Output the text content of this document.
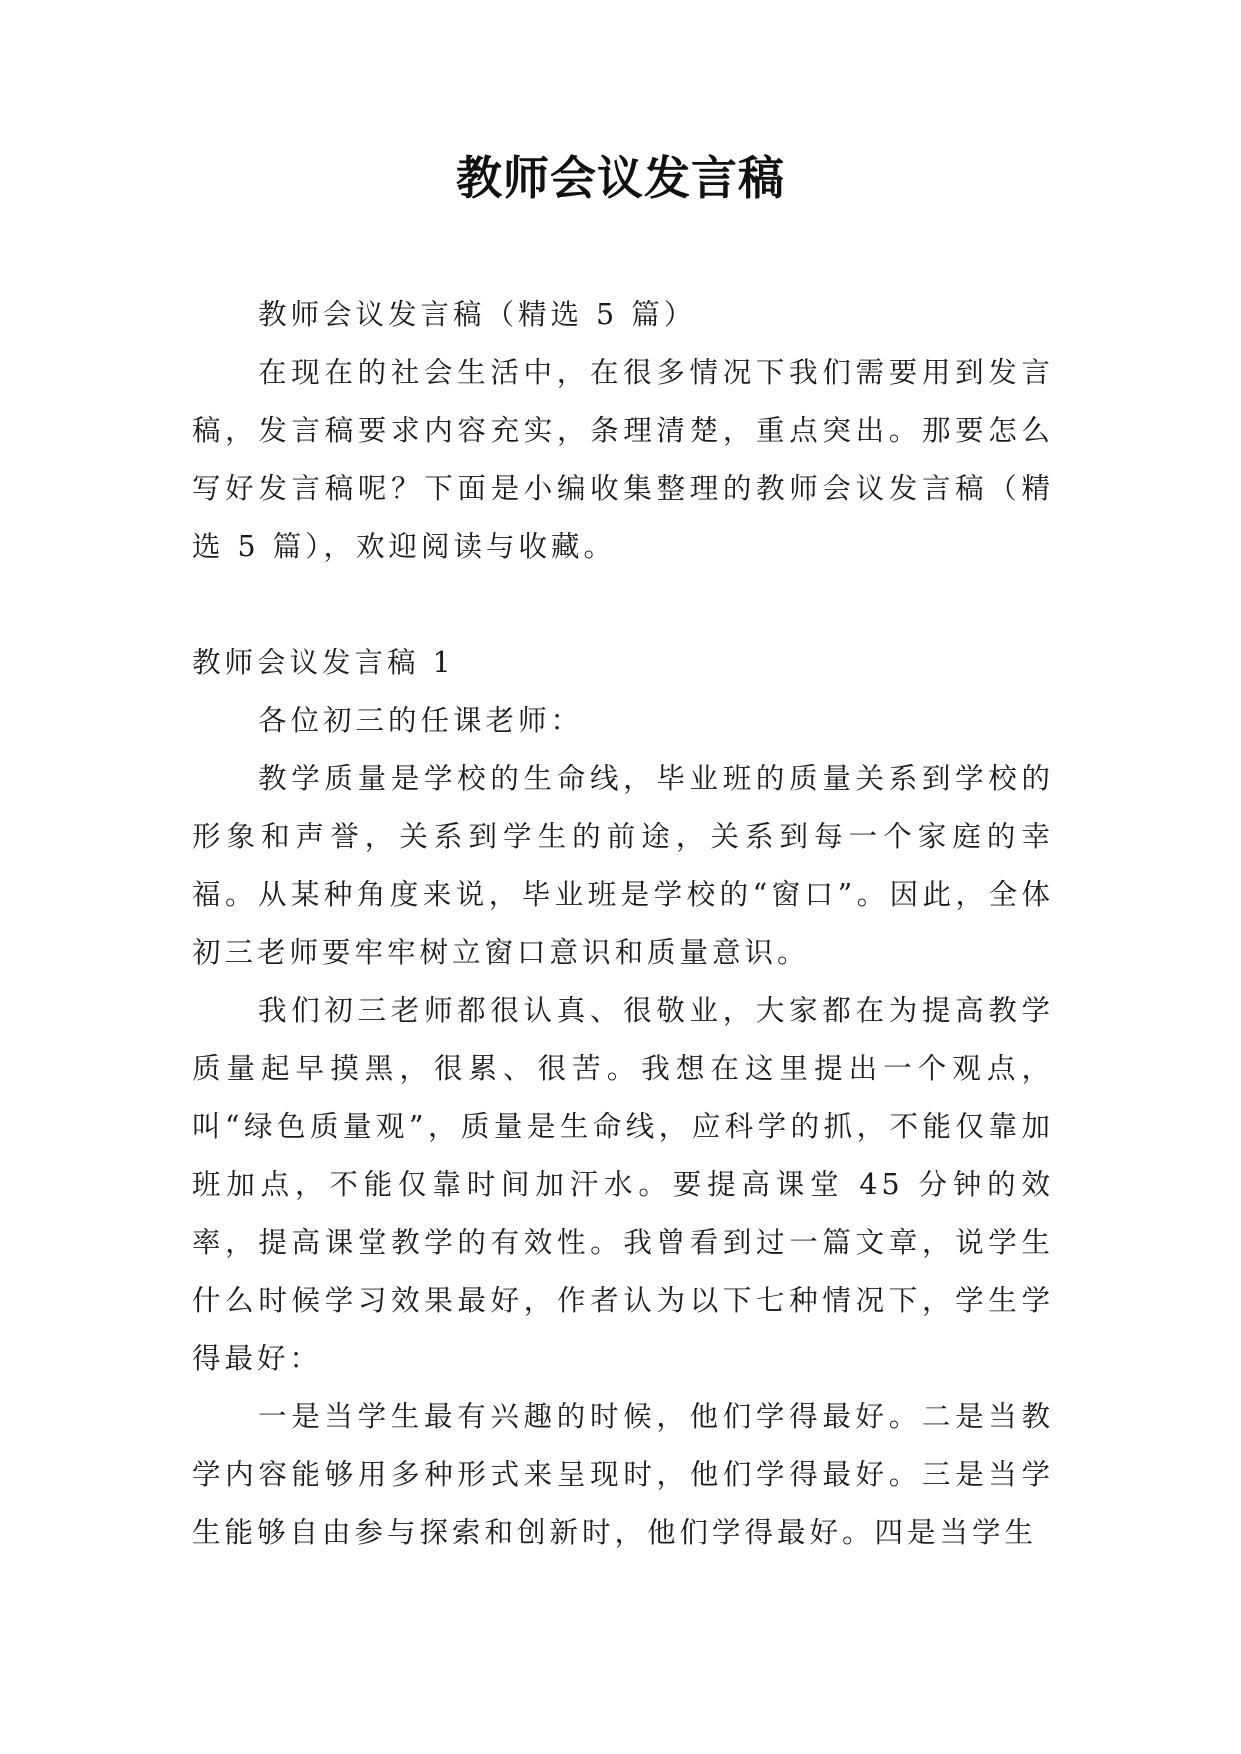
教师会议发言稿

教师会议发言稿（精选 5 篇）

在现在的社会生活中，在很多情况下我们需要用到发言稿，发言稿要求内容充实，条理清楚，重点突出。那要怎么写好发言稿呢？下面是小编收集整理的教师会议发言稿（精选 5 篇），欢迎阅读与收藏。

教师会议发言稿 1

各位初三的任课老师：

教学质量是学校的生命线，毕业班的质量关系到学校的形象和声誉，关系到学生的前途，关系到每一个家庭的幸福。从某种角度来说，毕业班是学校的“窗口”。因此，全体初三老师要牢牢树立窗口意识和质量意识。

我们初三老师都很认真、很敬业，大家都在为提高教学质量起早摸黑，很累、很苦。我想在这里提出一个观点，叫“绿色质量观”，质量是生命线，应科学的抓，不能仅靠加班加点，不能仅靠时间加汗水。要提高课堂 45 分钟的效率，提高课堂教学的有效性。我曾看到过一篇文章，说学生什么时候学习效果最好，作者认为以下七种情况下，学生学得最好：

一是当学生最有兴趣的时候，他们学得最好。二是当教学内容能够用多种形式来呈现时，他们学得最好。三是当学生能够自由参与探索和创新时，他们学得最好。四是当学生
